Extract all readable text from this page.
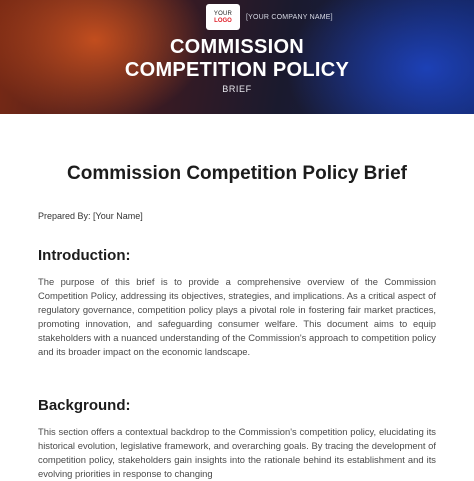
YOUR
LOGO [YOUR COMPANY NAME]
COMMISSION
COMPETITION POLICY
BRIEF
Commission Competition Policy Brief
Prepared By: [Your Name]
Introduction:

The purpose of this brief is to provide a comprehensive overview of the Commission Competition Policy, addressing its objectives, strategies, and implications. As a critical aspect of regulatory governance, competition policy plays a pivotal role in fostering fair market practices, promoting innovation, and safeguarding consumer welfare. This document aims to equip stakeholders with a nuanced understanding of the Commission's approach to competition policy and its broader impact on the economic landscape.

Background:

This section offers a contextual backdrop to the Commission's competition policy, elucidating its historical evolution, legislative framework, and overarching goals. By tracing the development of competition policy, stakeholders gain insights into the rationale behind its establishment and its evolving priorities in response to changing
